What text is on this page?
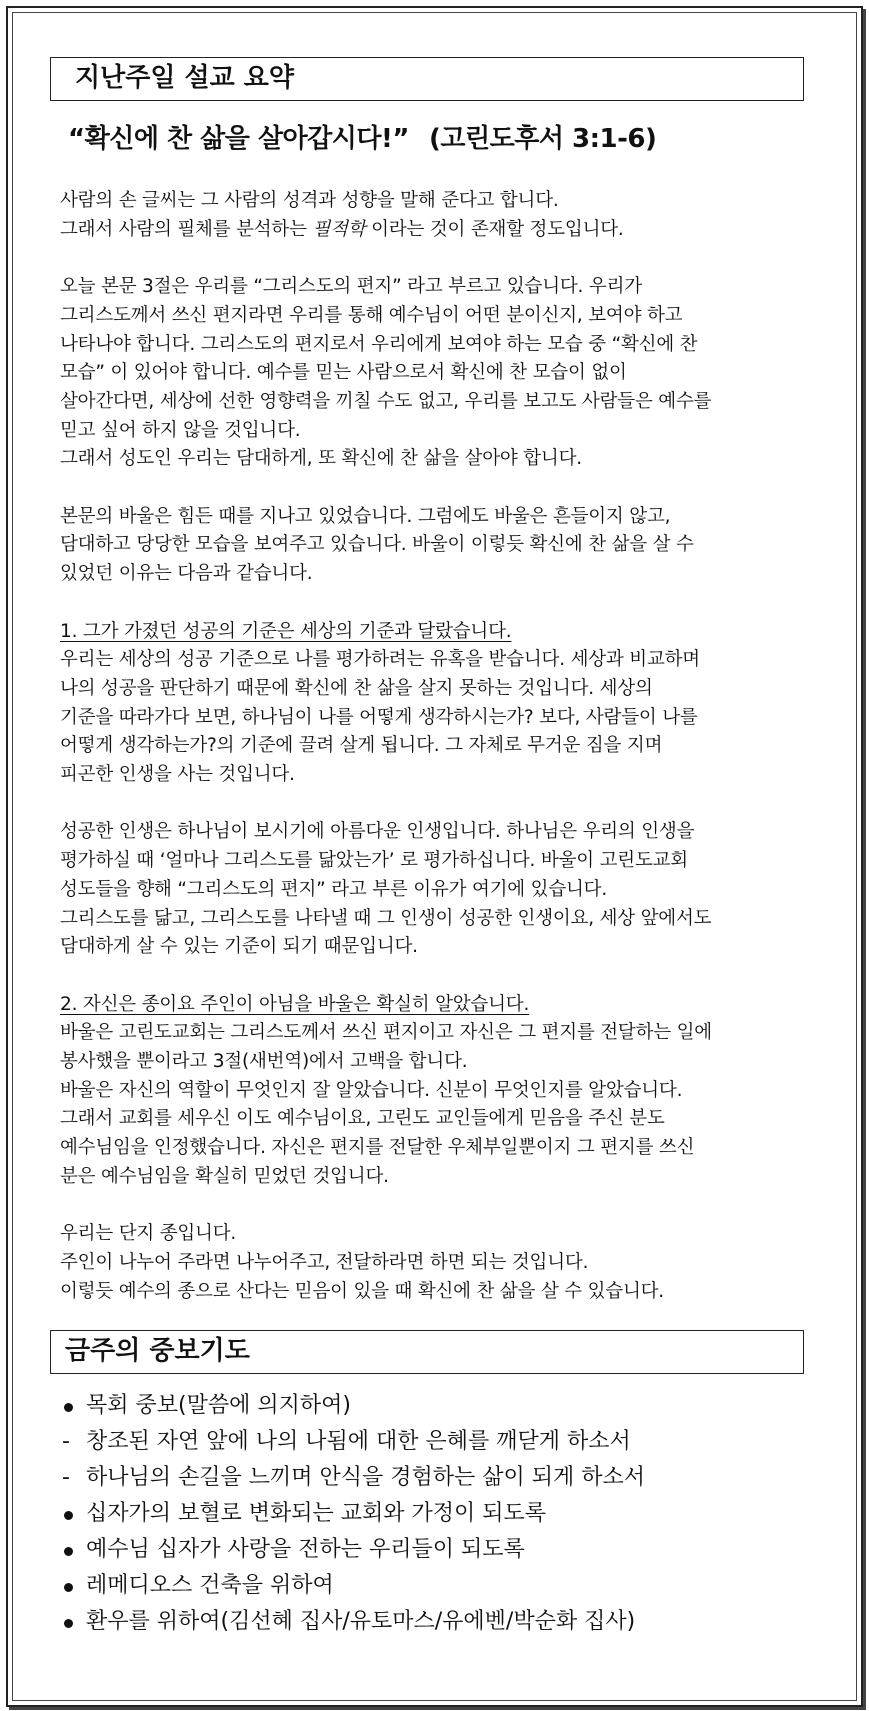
지난주일 설교 요약
“확신에 찬 삶을 살아갑시다!” (고린도후서 3:1-6)

사람의 손 글씨는 그 사람의 성격과 성향을 말해 준다고 합니다.

그래서 사람의 필체를 분석하는 필적학 이라는 것이 존재할 정도입니다.

오늘 본문 3절은 우리를 “그리스도의 편지” 라고 부르고 있습니다. 우리가

그리스도께서 쓰신 편지라면 우리를 통해 예수님이 어떤 분이신지, 보여야 하고

나타나야 합니다. 그리스도의 편지로서 우리에게 보여야 하는 모습 중 “확신에 찬

모습” 이 있어야 합니다. 예수를 믿는 사람으로서 확신에 찬 모습이 없이

살아간다면, 세상에 선한 영향력을 끼칠 수도 없고, 우리를 보고도 사람들은 예수를

믿고 싶어 하지 않을 것입니다.

그래서 성도인 우리는 담대하게, 또 확신에 찬 삶을 살아야 합니다.

본문의 바울은 힘든 때를 지나고 있었습니다. 그럼에도 바울은 흔들이지 않고,

담대하고 당당한 모습을 보여주고 있습니다. 바울이 이렇듯 확신에 찬 삶을 살 수

있었던 이유는 다음과 같습니다.

1. 그가 가졌던 성공의 기준은 세상의 기준과 달랐습니다.

우리는 세상의 성공 기준으로 나를 평가하려는 유혹을 받습니다. 세상과 비교하며

나의 성공을 판단하기 때문에 확신에 찬 삶을 살지 못하는 것입니다. 세상의

기준을 따라가다 보면, 하나님이 나를 어떻게 생각하시는가? 보다, 사람들이 나를

어떻게 생각하는가?의 기준에 끌려 살게 됩니다. 그 자체로 무거운 짐을 지며

피곤한 인생을 사는 것입니다.

성공한 인생은 하나님이 보시기에 아름다운 인생입니다. 하나님은 우리의 인생을

평가하실 때 ‘얼마나 그리스도를 닮았는가’ 로 평가하십니다. 바울이 고린도교회

성도들을 향해 “그리스도의 편지” 라고 부른 이유가 여기에 있습니다.

그리스도를 닮고, 그리스도를 나타낼 때 그 인생이 성공한 인생이요, 세상 앞에서도

담대하게 살 수 있는 기준이 되기 때문입니다.

2. 자신은 종이요 주인이 아님을 바울은 확실히 알았습니다.

바울은 고린도교회는 그리스도께서 쓰신 편지이고 자신은 그 편지를 전달하는 일에

봉사했을 뿐이라고 3절(새번역)에서 고백을 합니다.

바울은 자신의 역할이 무엇인지 잘 알았습니다. 신분이 무엇인지를 알았습니다.

그래서 교회를 세우신 이도 예수님이요, 고린도 교인들에게 믿음을 주신 분도

예수님임을 인정했습니다. 자신은 편지를 전달한 우체부일뿐이지 그 편지를 쓰신

분은 예수님임을 확실히 믿었던 것입니다.

우리는 단지 종입니다.

주인이 나누어 주라면 나누어주고, 전달하라면 하면 되는 것입니다.

이렇듯 예수의 종으로 산다는 믿음이 있을 때 확신에 찬 삶을 살 수 있습니다.

금주의 중보기도
목회 중보(말씀에 의지하여)
- 창조된 자연 앞에 나의 나됨에 대한 은혜를 깨닫게 하소서
- 하나님의 손길을 느끼며 안식을 경험하는 삶이 되게 하소서
십자가의 보혈로 변화되는 교회와 가정이 되도록
예수님 십자가 사랑을 전하는 우리들이 되도록
레메디오스 건축을 위하여
환우를 위하여(김선혜 집사/유토마스/유에벤/박순화 집사)
